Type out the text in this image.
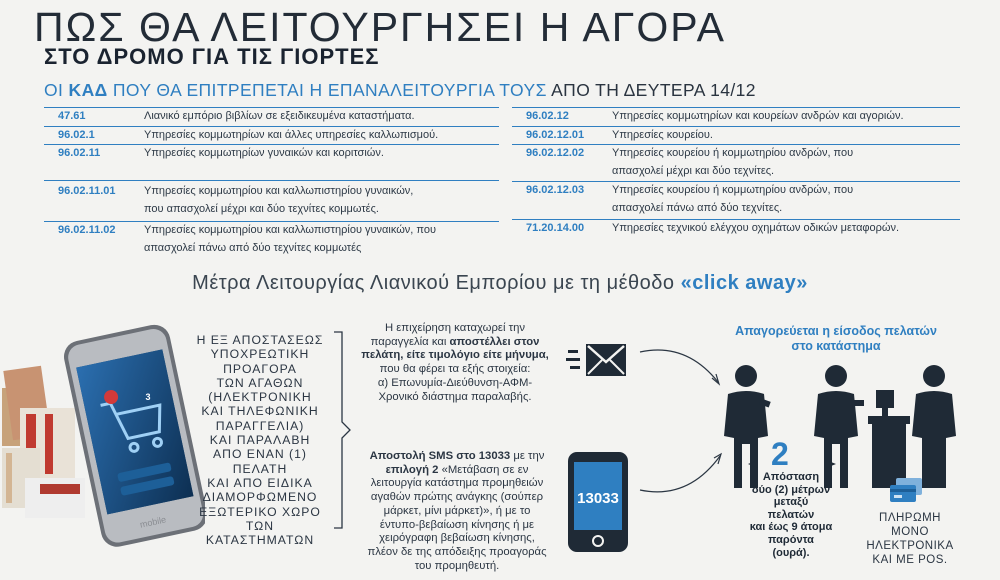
ΠΩΣ ΘΑ ΛΕΙΤΟΥΡΓΗΣΕΙ Η ΑΓΟΡΑ
ΣΤΟ ΔΡΟΜΟ ΓΙΑ ΤΙΣ ΓΙΟΡΤΕΣ
ΟΙ ΚΑΔ ΠΟΥ ΘΑ ΕΠΙΤΡΕΠΕΤΑΙ Η ΕΠΑΝΑΛΕΙΤΟΥΡΓΙΑ ΤΟΥΣ ΑΠΟ ΤΗ ΔΕΥΤΕΡΑ 14/12
47.61	Λιανικό εμπόριο βιβλίων σε εξειδικευμένα καταστήματα.
96.02.1	Υπηρεσίες κομμωτηρίων και άλλες υπηρεσίες καλλωπισμού.
96.02.11	Υπηρεσίες κομμωτηρίων γυναικών και κοριτσιών.
96.02.11.01	Υπηρεσίες κομμωτηρίου και καλλωπιστηρίου γυναικών,
που απασχολεί μέχρι και δύο τεχνίτες κομμωτές.
96.02.11.02	Υπηρεσίες κομμωτηρίου και καλλωπιστηρίου γυναικών, που
απασχολεί πάνω από δύο τεχνίτες κομμωτές
96.02.12	Υπηρεσίες κομμωτηρίων και κουρείων ανδρών και αγοριών.
96.02.12.01	Υπηρεσίες κουρείου.
96.02.12.02	Υπηρεσίες κουρείου ή κομμωτηρίου ανδρών, που
απασχολεί μέχρι και δύο τεχνίτες.
96.02.12.03	Υπηρεσίες κουρείου ή κομμωτηρίου ανδρών, που
απασχολεί πάνω από δύο τεχνίτες.
71.20.14.00	Υπηρεσίες τεχνικού ελέγχου οχημάτων οδικών μεταφορών.
Μέτρα Λειτουργίας Λιανικού Εμπορίου με τη μέθοδο «click away»
mobile
3
Η ΕΞ ΑΠΟΣΤΑΣΕΩΣ
ΥΠΟΧΡΕΩΤΙΚΗ
ΠΡΟΑΓΟΡΑ
ΤΩΝ ΑΓΑΘΩΝ
(ΗΛΕΚΤΡΟΝΙΚΗ
ΚΑΙ ΤΗΛΕΦΩΝΙΚΗ
ΠΑΡΑΓΓΕΛΙΑ)
ΚΑΙ ΠΑΡΑΛΑΒΗ
ΑΠΟ ΕΝΑΝ (1)
ΠΕΛΑΤΗ
ΚΑΙ ΑΠΟ ΕΙΔΙΚΑ
ΔΙΑΜΟΡΦΩΜΕΝΟ
ΕΞΩΤΕΡΙΚΟ ΧΩΡΟ
ΤΩΝ ΚΑΤΑΣΤΗΜΑΤΩΝ
Η επιχείρηση καταχωρεί την
παραγγελία και αποστέλλει στον
πελάτη, είτε τιμολόγιο είτε μήνυμα,
που θα φέρει τα εξής στοιχεία:
α) Επωνυμία-Διεύθυνση-ΑΦΜ-
Χρονικό διάστημα παραλαβής.
Αποστολή SMS στο 13033 με την
επιλογή 2 «Μετάβαση σε εν
λειτουργία κατάστημα προμηθειών
αγαθών πρώτης ανάγκης (σούπερ
μάρκετ, μίνι μάρκετ)», ή με το
έντυπο-βεβαίωση κίνησης ή με
χειρόγραφη βεβαίωση κίνησης,
πλέον δε της απόδειξης προαγοράς
του προμηθευτή.
13033
Απαγορεύεται η είσοδος πελατών
στο κατάστημα
2
Απόσταση
δύο (2) μέτρων
μεταξύ
πελατών
και έως 9 άτομα
παρόντα
(ουρά).
ΠΛΗΡΩΜΗ
ΜΟΝΟ
ΗΛΕΚΤΡΟΝΙΚΑ
ΚΑΙ ΜΕ POS.
